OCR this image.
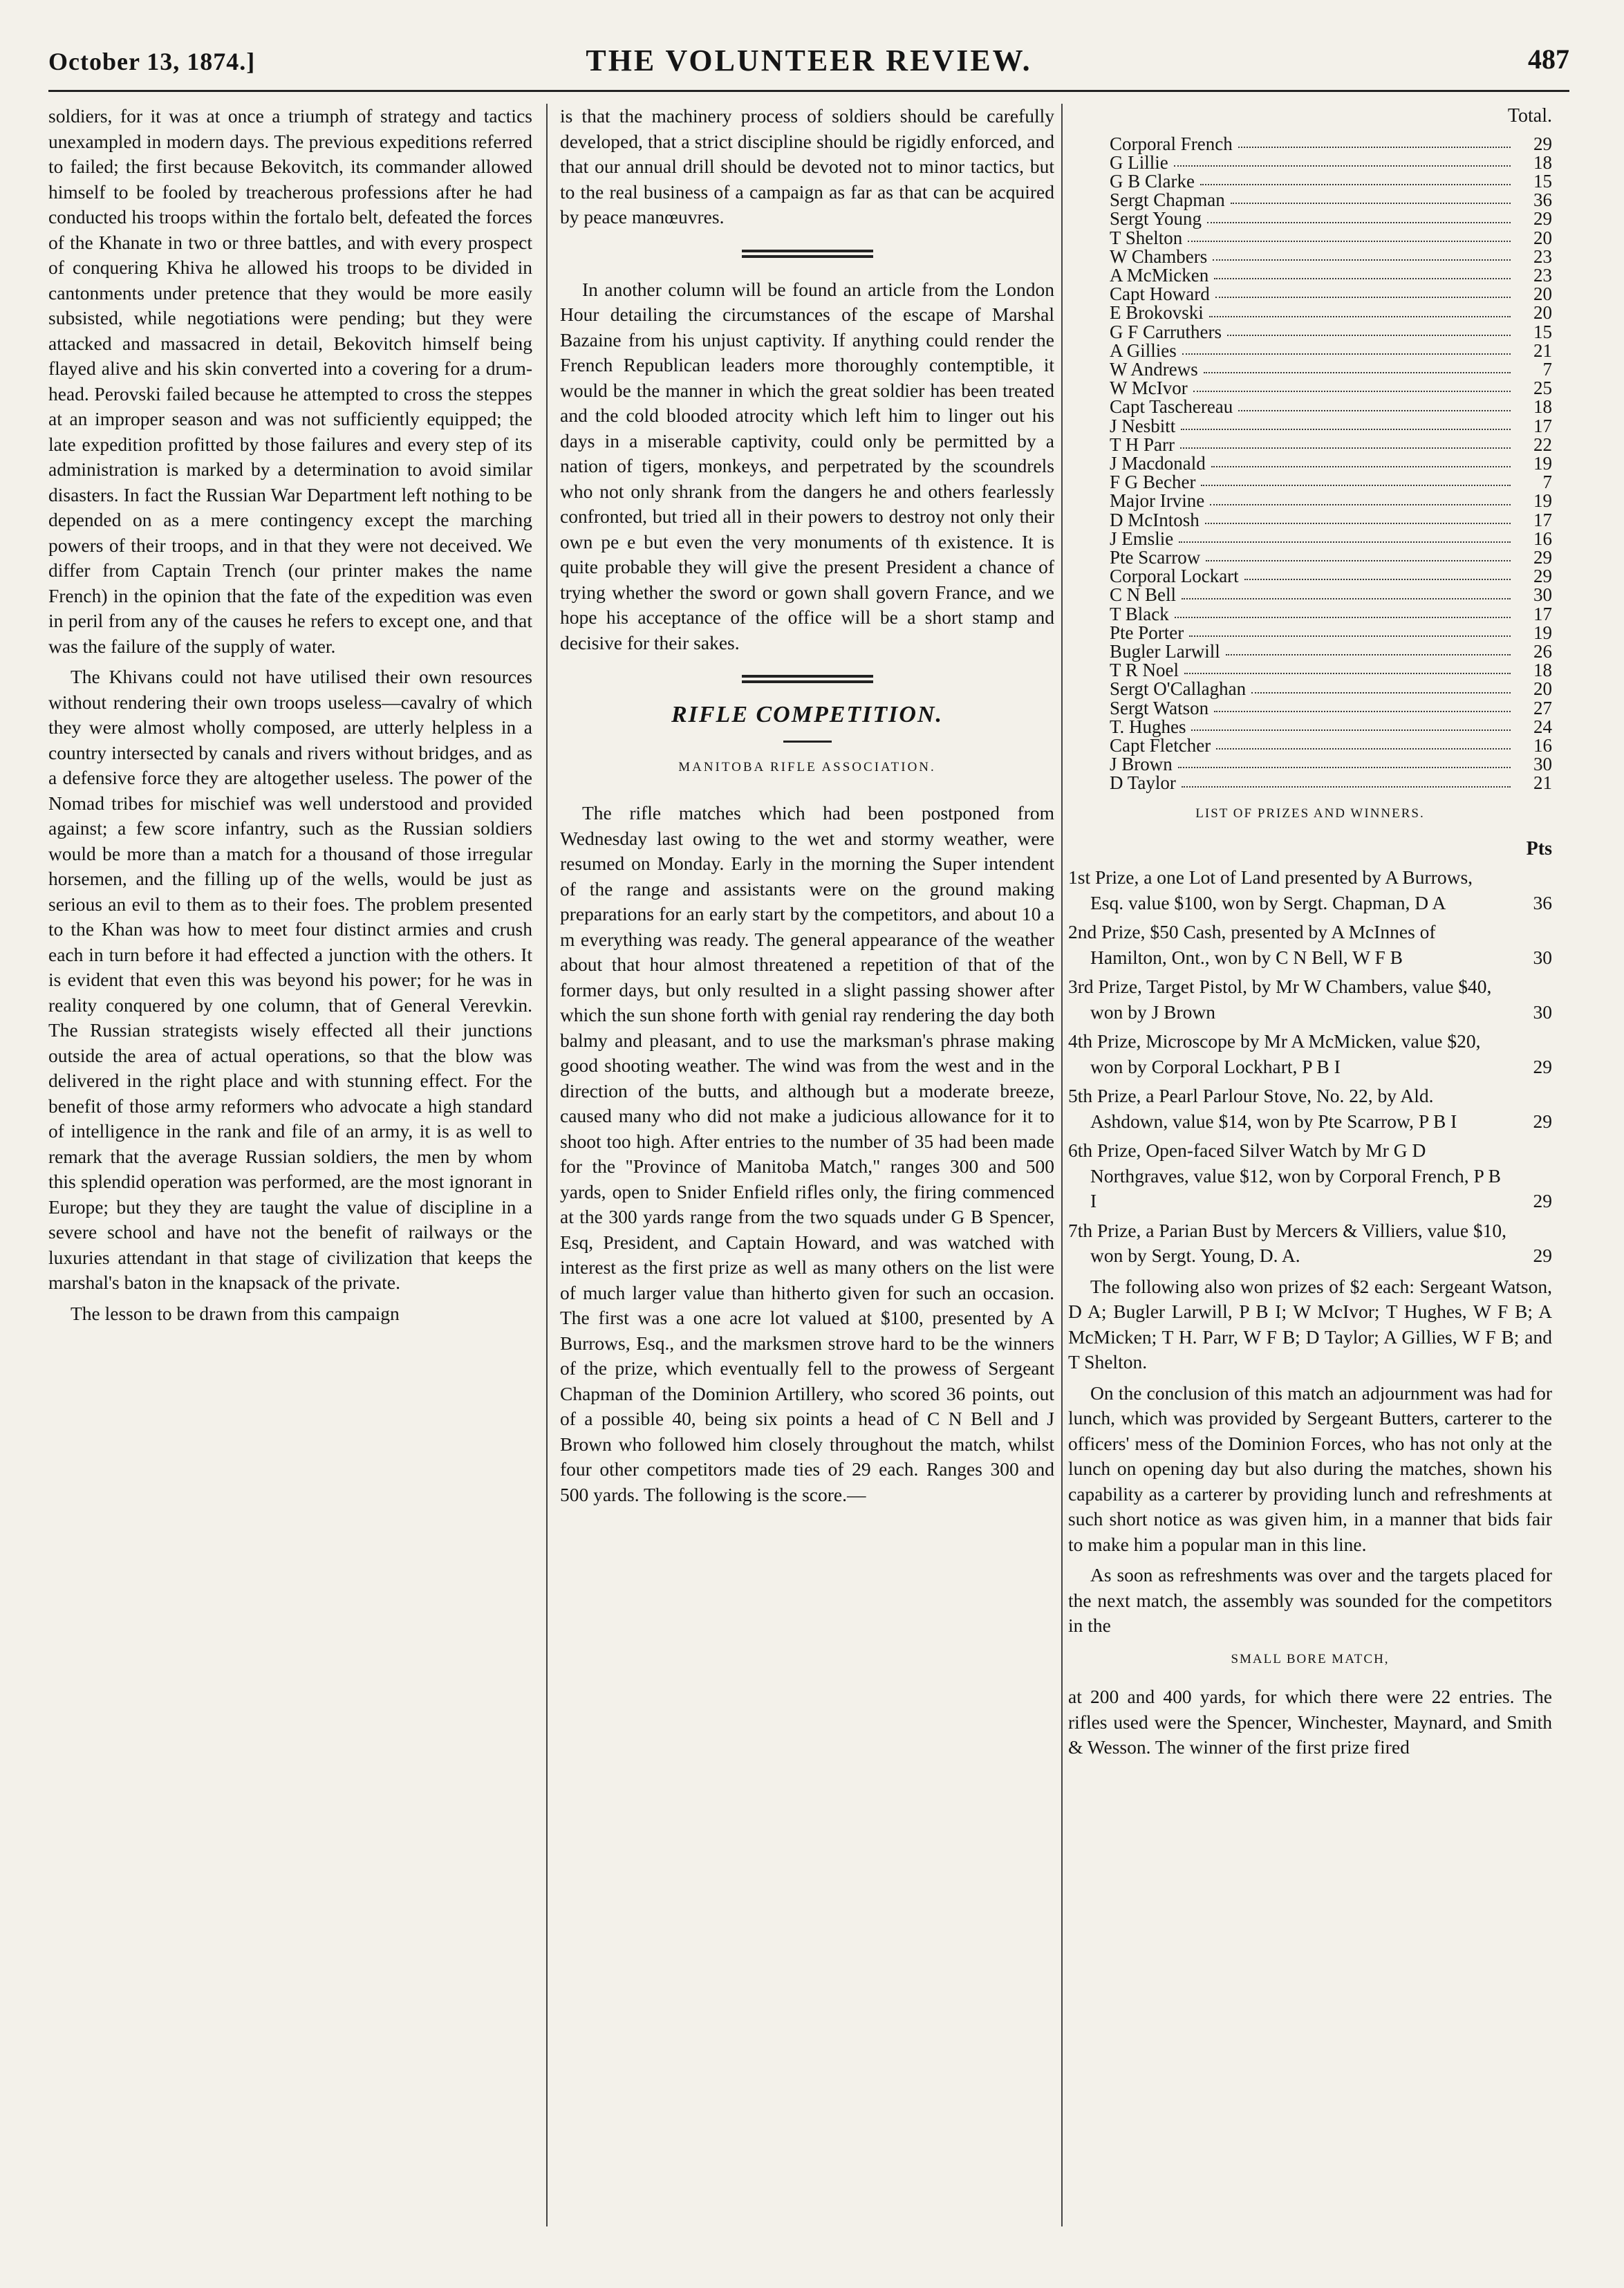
October 13, 1874.]	THE VOLUNTEER REVIEW.	487

soldiers, for it was at once a triumph of strategy and tactics unexampled in modern days. The previous expeditions referred to failed; the first because Bekovitch, its commander allowed himself to be fooled by treacherous professions after he had conducted his troops within the fortalo belt, defeated the forces of the Khanate in two or three battles, and with every prospect of conquering Khiva he allowed his troops to be divided in cantonments under pretence that they would be more easily subsisted, while negotiations were pending; but they were attacked and massacred in detail, Bekovitch himself being flayed alive and his skin converted into a covering for a drum-head. Perovski failed because he attempted to cross the steppes at an improper season and was not sufficiently equipped; the late expedition profitted by those failures and every step of its administration is marked by a determination to avoid similar disasters. In fact the Russian War Department left nothing to be depended on as a mere contingency except the marching powers of their troops, and in that they were not deceived. We differ from Captain Trench (our printer makes the name French) in the opinion that the fate of the expedition was even in peril from any of the causes he refers to except one, and that was the failure of the supply of water.

The Khivans could not have utilised their own resources without rendering their own troops useless—cavalry of which they were almost wholly composed, are utterly helpless in a country intersected by canals and rivers without bridges, and as a defensive force they are altogether useless. The power of the Nomad tribes for mischief was well understood and provided against; a few score infantry, such as the Russian soldiers would be more than a match for a thousand of those irregular horsemen, and the filling up of the wells, would be just as serious an evil to them as to their foes. The problem presented to the Khan was how to meet four distinct armies and crush each in turn before it had effected a junction with the others. It is evident that even this was beyond his power; for he was in reality conquered by one column, that of General Verevkin. The Russian strategists wisely effected all their junctions outside the area of actual operations, so that the blow was delivered in the right place and with stunning effect. For the benefit of those army reformers who advocate a high standard of intelligence in the rank and file of an army, it is as well to remark that the average Russian soldiers, the men by whom this splendid operation was performed, are the most ignorant in Europe; but they they are taught the value of discipline in a severe school and have not the benefit of railways or the luxuries attendant in that stage of civilization that keeps the marshal's baton in the knapsack of the private.

The lesson to be drawn from this campaign

is that the machinery process of soldiers should be carefully developed, that a strict discipline should be rigidly enforced, and that our annual drill should be devoted not to minor tactics, but to the real business of a campaign as far as that can be acquired by peace manœuvres.

In another column will be found an article from the London Hour detailing the circumstances of the escape of Marshal Bazaine from his unjust captivity. If anything could render the French Republican leaders more thoroughly contemptible, it would be the manner in which the great soldier has been treated and the cold blooded atrocity which left him to linger out his days in a miserable captivity, could only be permitted by a nation of tigers, monkeys, and perpetrated by the scoundrels who not only shrank from the dangers he and others fearlessly confronted, but tried all in their powers to destroy not only their own pe e but even the very monuments of th existence. It is quite probable they will give the present President a chance of trying whether the sword or gown shall govern France, and we hope his acceptance of the office will be a short stamp and decisive for their sakes.

RIFLE COMPETITION.
MANITOBA RIFLE ASSOCIATION.

The rifle matches which had been postponed from Wednesday last owing to the wet and stormy weather, were resumed on Monday. Early in the morning the Super intendent of the range and assistants were on the ground making preparations for an early start by the competitors, and about 10 a m everything was ready. The general appearance of the weather about that hour almost threatened a repetition of that of the former days, but only resulted in a slight passing shower after which the sun shone forth with genial ray rendering the day both balmy and pleasant, and to use the marksman's phrase making good shooting weather. The wind was from the west and in the direction of the butts, and although but a moderate breeze, caused many who did not make a judicious allowance for it to shoot too high. After entries to the number of 35 had been made for the "Province of Manitoba Match," ranges 300 and 500 yards, open to Snider Enfield rifles only, the firing commenced at the 300 yards range from the two squads under G B Spencer, Esq, President, and Captain Howard, and was watched with interest as the first prize as well as many others on the list were of much larger value than hitherto given for such an occasion. The first was a one acre lot valued at $100, presented by A Burrows, Esq., and the marksmen strove hard to be the winners of the prize, which eventually fell to the prowess of Sergeant Chapman of the Dominion Artillery, who scored 36 points, out of a possible 40, being six points a head of C N Bell and J Brown who followed him closely throughout the match, whilst four other competitors made ties of 29 each. Ranges 300 and 500 yards. The following is the score.—

Total.

Corporal French	29
G Lillie	18
G B Clarke	15
Sergt Chapman	36
Sergt Young	29
T Shelton	20
W Chambers	23
A McMicken	23
Capt Howard	20
E Brokovski	20
G F Carruthers	15
A Gillies	21
W Andrews	7
W McIvor	25
Capt Taschereau	18
J Nesbitt	17
T H Parr	22
J Macdonald	19
F G Becher	7
Major Irvine	19
D McIntosh	17
J Emslie	16
Pte Scarrow	29
Corporal Lockart	29
C N Bell	30
T Black	17
Pte Porter	19
Bugler Larwill	26
T R Noel	18
Sergt O'Callaghan	20
Sergt Watson	27
T. Hughes	24
Capt Fletcher	16
J Brown	30
D Taylor	21
LIST OF PRIZES AND WINNERS.

Pts

1st Prize, a one Lot of Land presented by A Burrows, Esq. value $100, won by Sergt. Chapman, D A	36
2nd Prize, $50 Cash, presented by A McInnes of Hamilton, Ont., won by C N Bell, W F B	30
3rd Prize, Target Pistol, by Mr W Chambers, value $40, won by J Brown	30
4th Prize, Microscope by Mr A McMicken, value $20, won by Corporal Lockhart, P B I	29
5th Prize, a Pearl Parlour Stove, No. 22, by Ald. Ashdown, value $14, won by Pte Scarrow, P B I	29
6th Prize, Open-faced Silver Watch by Mr G D Northgraves, value $12, won by Corporal French, P B I	29
7th Prize, a Parian Bust by Mercers & Villiers, value $10, won by Sergt. Young, D. A.	29

The following also won prizes of $2 each: Sergeant Watson, D A; Bugler Larwill, P B I; W McIvor; T Hughes, W F B; A McMicken; T H. Parr, W F B; D Taylor; A Gillies, W F B; and T Shelton.

On the conclusion of this match an adjournment was had for lunch, which was provided by Sergeant Butters, carterer to the officers' mess of the Dominion Forces, who has not only at the lunch on opening day but also during the matches, shown his capability as a carterer by providing lunch and refreshments at such short notice as was given him, in a manner that bids fair to make him a popular man in this line.

As soon as refreshments was over and the targets placed for the next match, the assembly was sounded for the competitors in the

SMALL BORE MATCH,

at 200 and 400 yards, for which there were 22 entries. The rifles used were the Spencer, Winchester, Maynard, and Smith & Wesson. The winner of the first prize fired
